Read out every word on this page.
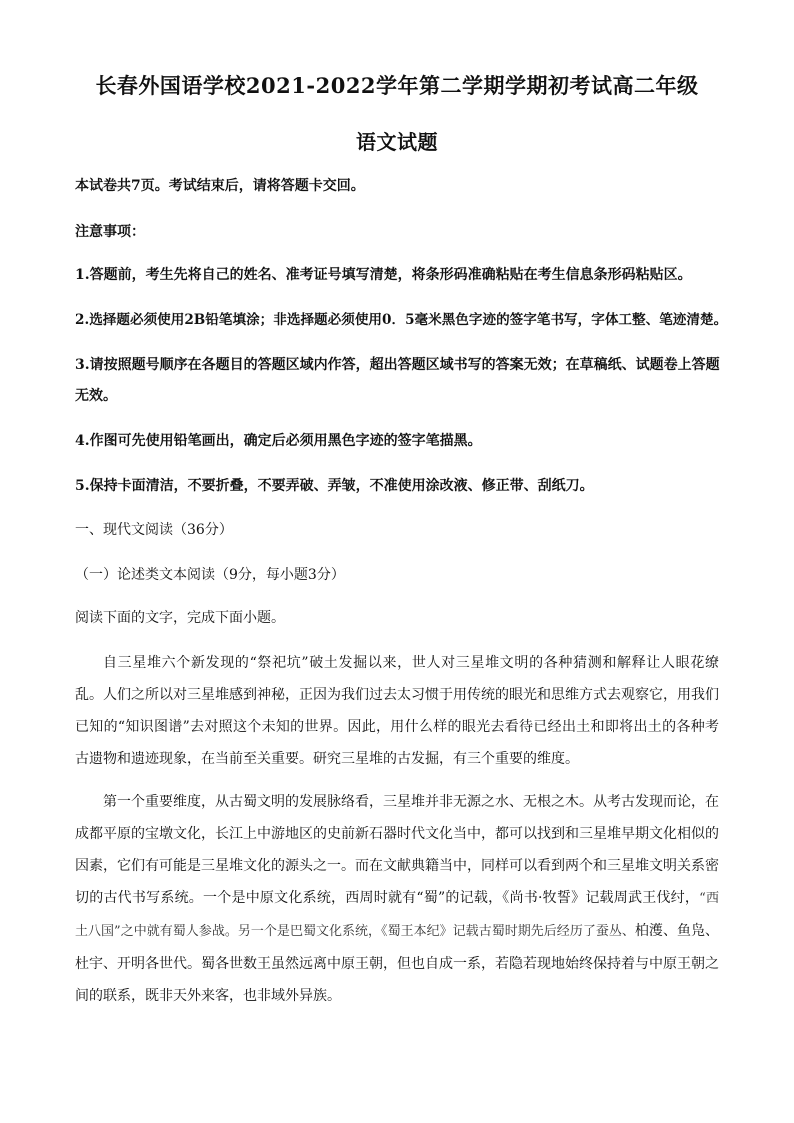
长春外国语学校2021-2022学年第二学期学期初考试高二年级
语文试题

本试卷共7页。考试结束后，请将答题卡交回。

注意事项：

1.答题前，考生先将自己的姓名、准考证号填写清楚，将条形码准确粘贴在考生信息条形码粘贴区。

2.选择题必须使用2B铅笔填涂；非选择题必须使用0．5毫米黑色字迹的签字笔书写，字体工整、笔迹清楚。

3.请按照题号顺序在各题目的答题区域内作答，超出答题区域书写的答案无效；在草稿纸、试题卷上答题

无效。

4.作图可先使用铅笔画出，确定后必须用黑色字迹的签字笔描黑。

5.保持卡面清洁，不要折叠，不要弄破、弄皱，不准使用涂改液、修正带、刮纸刀。

一、现代文阅读（36分）

（一）论述类文本阅读（9分，每小题3分）

阅读下面的文字，完成下面小题。

自三星堆六个新发现的“祭祀坑”破土发掘以来，世人对三星堆文明的各种猜测和解释让人眼花缭乱。人们之所以对三星堆感到神秘，正因为我们过去太习惯于用传统的眼光和思维方式去观察它，用我们已知的“知识图谱”去对照这个未知的世界。因此，用什么样的眼光去看待已经出土和即将出土的各种考古遗物和遗迹现象，在当前至关重要。研究三星堆的古发掘，有三个重要的维度。

第一个重要维度，从古蜀文明的发展脉络看，三星堆并非无源之水、无根之木。从考古发现而论，在成都平原的宝墩文化，长江上中游地区的史前新石器时代文化当中，都可以找到和三星堆早期文化相似的因素，它们有可能是三星堆文化的源头之一。而在文献典籍当中，同样可以看到两个和三星堆文明关系密切的古代书写系统。一个是中原文化系统，西周时就有“蜀”的记载，《尚书·牧誓》记载周武王伐纣，“西土八国”之中就有蜀人参战。另一个是巴蜀文化系统，《蜀王本纪》记载古蜀时期先后经历了蚕丛、柏濩、鱼凫、杜宇、开明各世代。蜀各世数王虽然远离中原王朝，但也自成一系，若隐若现地始终保持着与中原王朝之间的联系，既非天外来客，也非域外异族。
